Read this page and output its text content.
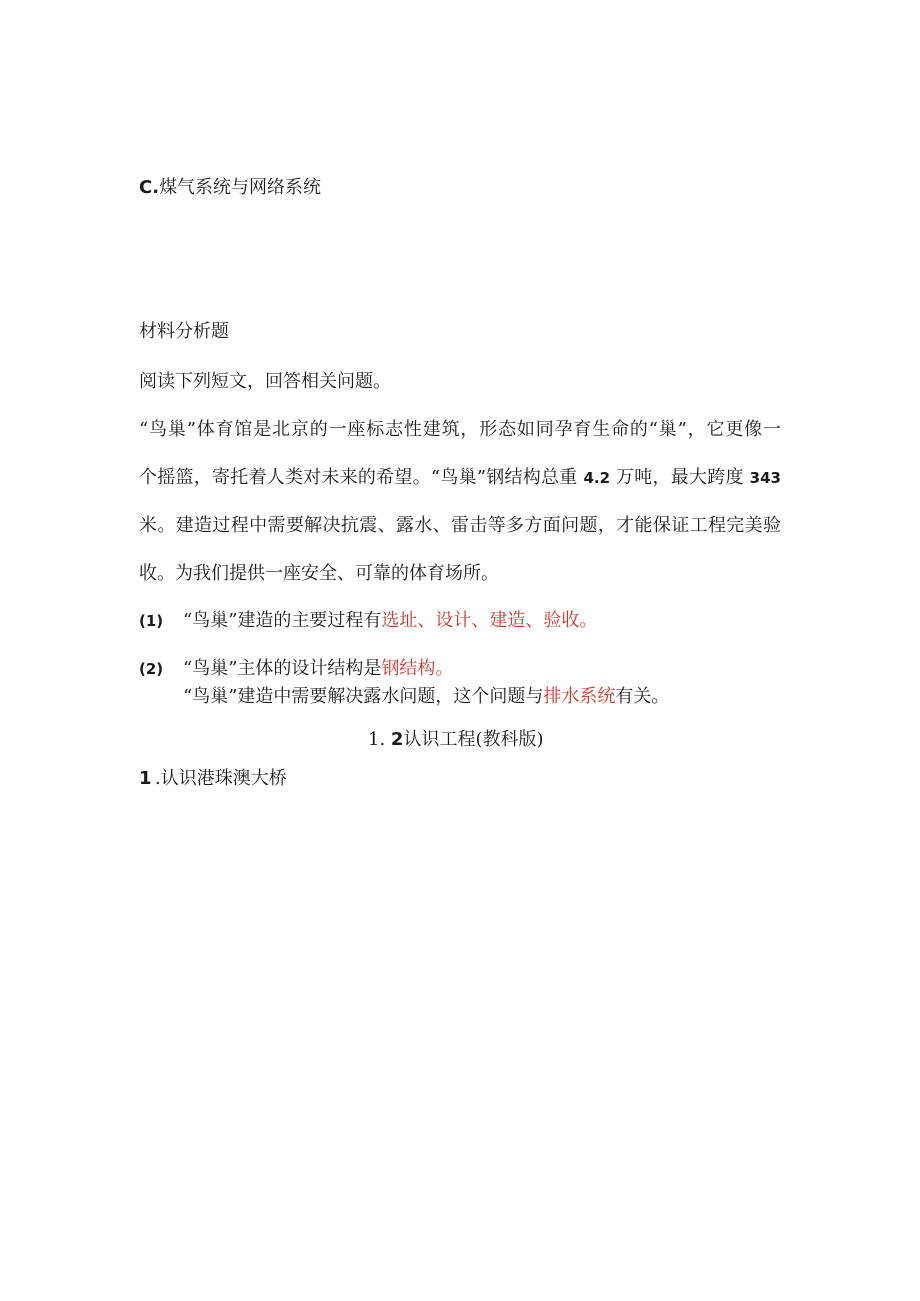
C.煤气系统与网络系统
材料分析题
阅读下列短文，回答相关问题。
“鸟巢”体育馆是北京的一座标志性建筑，形态如同孕育生命的“巢”，它更像一
个摇篮，寄托着人类对未来的希望。“鸟巢”钢结构总重 4.2 万吨，最大跨度 343
米。建造过程中需要解决抗震、露水、雷击等多方面问题，才能保证工程完美验
收。为我们提供一座安全、可靠的体育场所。
(1) “鸟巢”建造的主要过程有选址、设计、建造、验收。
(2) “鸟巢”主体的设计结构是钢结构。
“鸟巢”建造中需要解决露水问题，这个问题与排水系统有关。
1. 2认识工程(教科版)
1 .认识港珠澳大桥
